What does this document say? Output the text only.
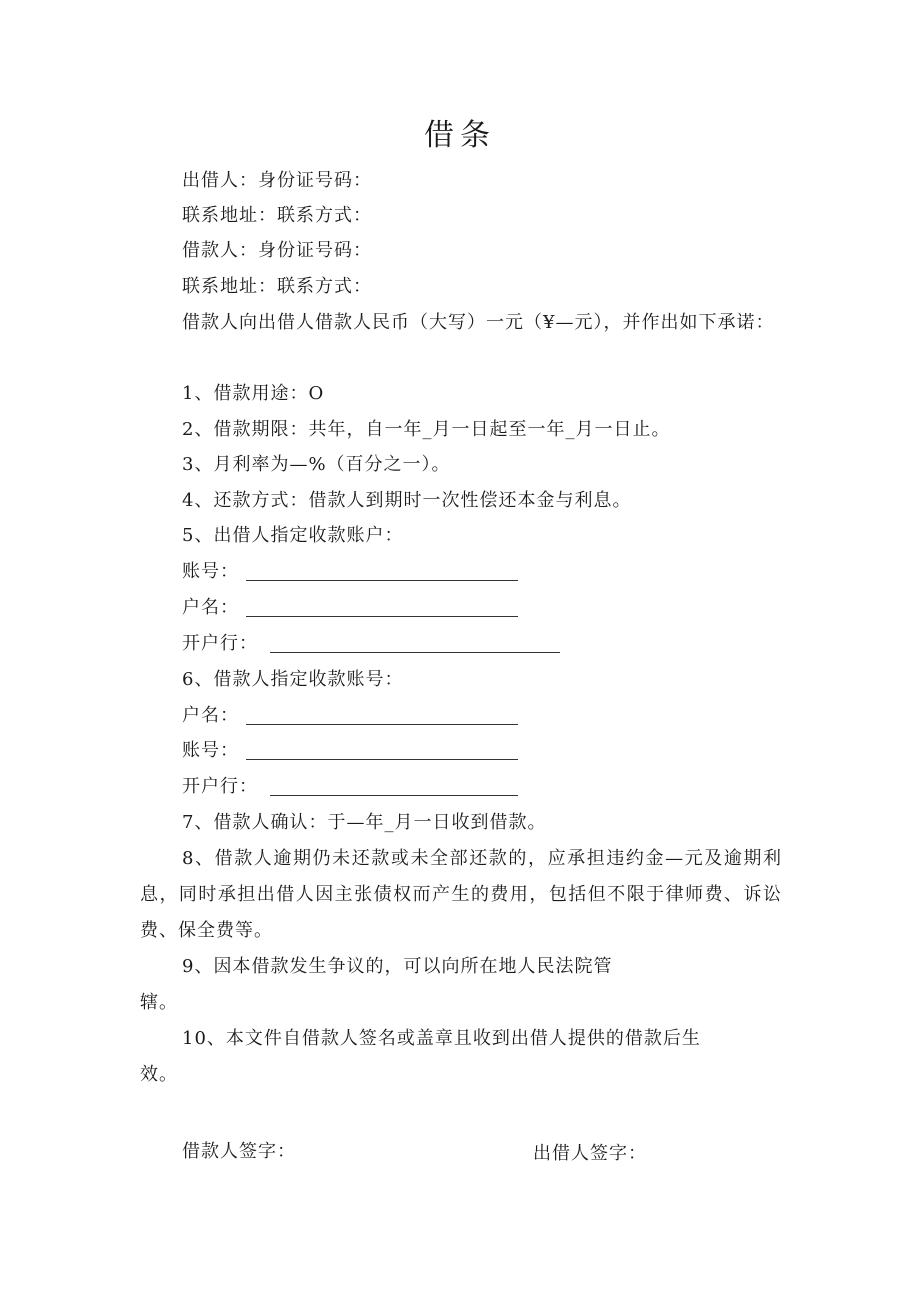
借条
出借人：身份证号码：
联系地址：联系方式：
借款人：身份证号码：
联系地址：联系方式：
借款人向出借人借款人民币（大写）一元（¥—元），并作出如下承诺：
1、借款用途：O
2、借款期限：共年，自一年_月一日起至一年_月一日止。
3、月利率为—%（百分之一）。
4、还款方式：借款人到期时一次性偿还本金与利息。
5、出借人指定收款账户：
账号：
户名：
开户行：
6、借款人指定收款账号：
户名：
账号：
开户行：
7、借款人确认：于—年_月一日收到借款。
8、借款人逾期仍未还款或未全部还款的，应承担违约金—元及逾期利息，同时承担出借人因主张债权而产生的费用，包括但不限于律师费、诉讼费、保全费等。
9、因本借款发生争议的，可以向所在地人民法院管
辖。
10、本文件自借款人签名或盖章且收到出借人提供的借款后生
效。
借款人签字：	出借人签字：
